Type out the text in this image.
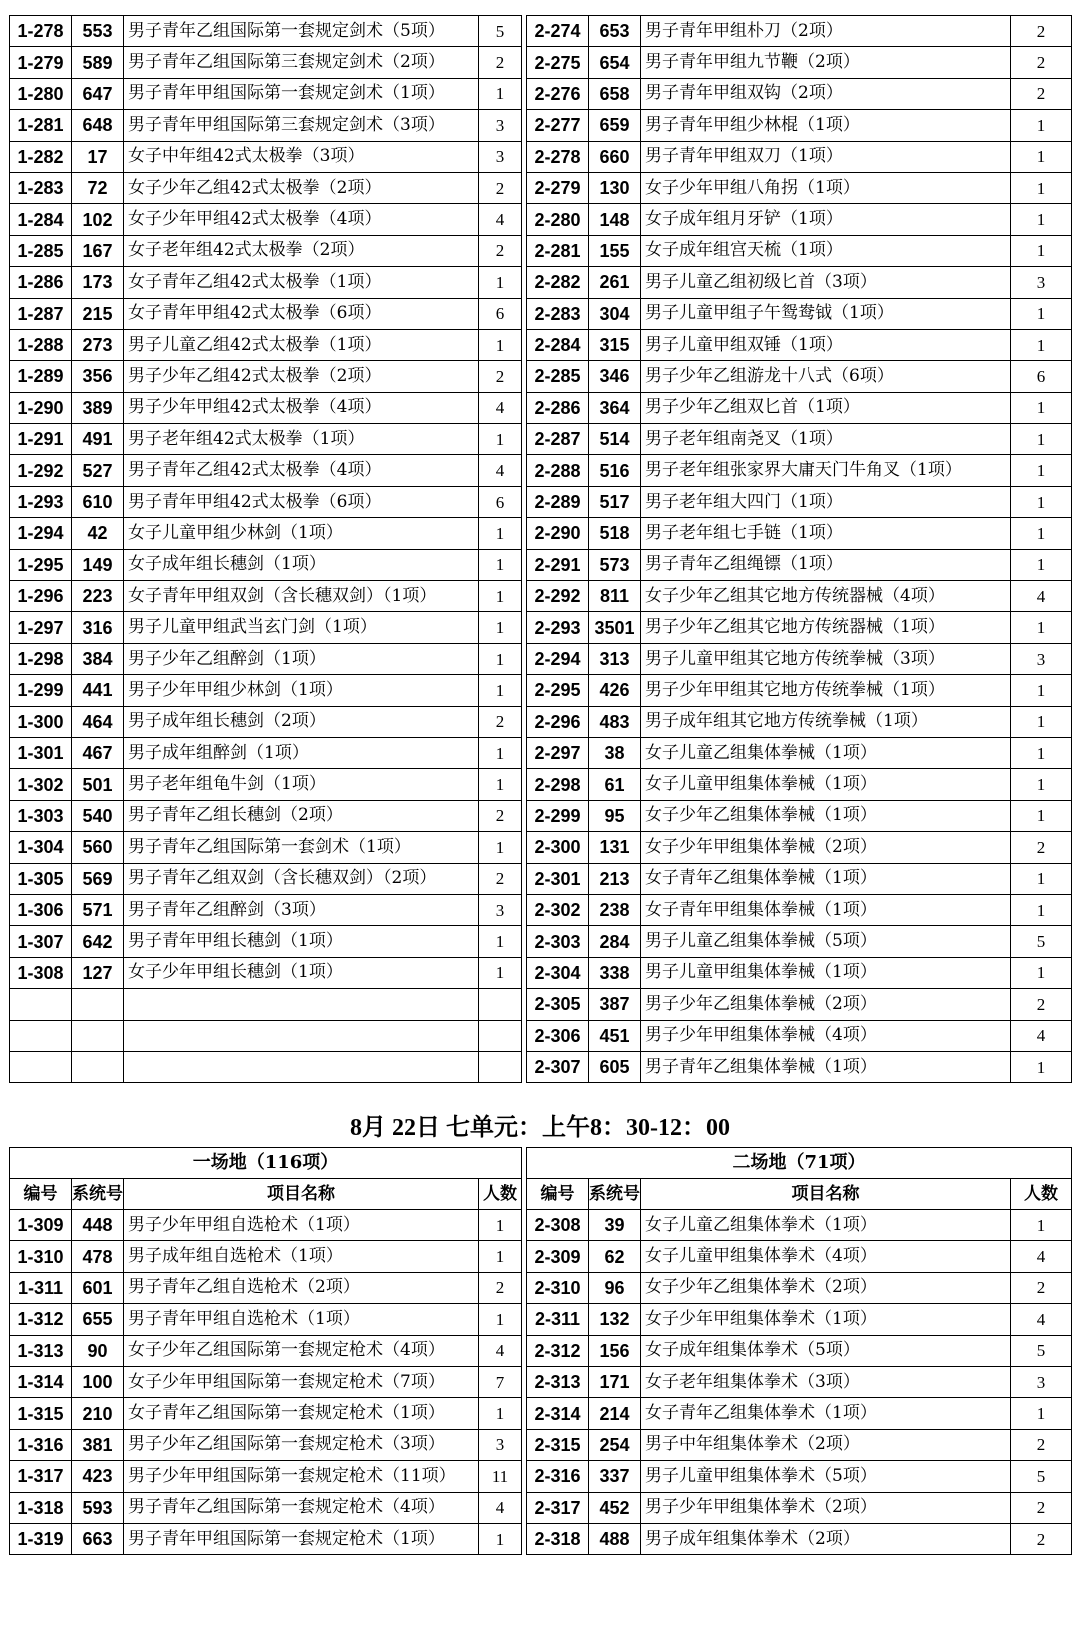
1-278	553	男子青年乙组国际第一套规定剑术（5项）	5		2-274	653	男子青年甲组朴刀（2项）	2
1-279	589	男子青年乙组国际第三套规定剑术（2项）	2		2-275	654	男子青年甲组九节鞭（2项）	2
1-280	647	男子青年甲组国际第一套规定剑术（1项）	1		2-276	658	男子青年甲组双钩（2项）	2
1-281	648	男子青年甲组国际第三套规定剑术（3项）	3		2-277	659	男子青年甲组少林棍（1项）	1
1-282	17	女子中年组42式太极拳（3项）	3		2-278	660	男子青年甲组双刀（1项）	1
1-283	72	女子少年乙组42式太极拳（2项）	2		2-279	130	女子少年甲组八角拐（1项）	1
1-284	102	女子少年甲组42式太极拳（4项）	4		2-280	148	女子成年组月牙铲（1项）	1
1-285	167	女子老年组42式太极拳（2项）	2		2-281	155	女子成年组宫天梳（1项）	1
1-286	173	女子青年乙组42式太极拳（1项）	1		2-282	261	男子儿童乙组初级匕首（3项）	3
1-287	215	女子青年甲组42式太极拳（6项）	6		2-283	304	男子儿童甲组子午鸳鸯钺（1项）	1
1-288	273	男子儿童乙组42式太极拳（1项）	1		2-284	315	男子儿童甲组双锤（1项）	1
1-289	356	男子少年乙组42式太极拳（2项）	2		2-285	346	男子少年乙组游龙十八式（6项）	6
1-290	389	男子少年甲组42式太极拳（4项）	4		2-286	364	男子少年乙组双匕首（1项）	1
1-291	491	男子老年组42式太极拳（1项）	1		2-287	514	男子老年组南尧叉（1项）	1
1-292	527	男子青年乙组42式太极拳（4项）	4		2-288	516	男子老年组张家界大庸天门牛角叉（1项）	1
1-293	610	男子青年甲组42式太极拳（6项）	6		2-289	517	男子老年组大四门（1项）	1
1-294	42	女子儿童甲组少林剑（1项）	1		2-290	518	男子老年组七手链（1项）	1
1-295	149	女子成年组长穗剑（1项）	1		2-291	573	男子青年乙组绳镖（1项）	1
1-296	223	女子青年甲组双剑（含长穗双剑）（1项）	1		2-292	811	女子少年乙组其它地方传统器械（4项）	4
1-297	316	男子儿童甲组武当玄门剑（1项）	1		2-293	3501	男子少年乙组其它地方传统器械（1项）	1
1-298	384	男子少年乙组醉剑（1项）	1		2-294	313	男子儿童甲组其它地方传统拳械（3项）	3
1-299	441	男子少年甲组少林剑（1项）	1		2-295	426	男子少年甲组其它地方传统拳械（1项）	1
1-300	464	男子成年组长穗剑（2项）	2		2-296	483	男子成年组其它地方传统拳械（1项）	1
1-301	467	男子成年组醉剑（1项）	1		2-297	38	女子儿童乙组集体拳械（1项）	1
1-302	501	男子老年组龟牛剑（1项）	1		2-298	61	女子儿童甲组集体拳械（1项）	1
1-303	540	男子青年乙组长穗剑（2项）	2		2-299	95	女子少年乙组集体拳械（1项）	1
1-304	560	男子青年乙组国际第一套剑术（1项）	1		2-300	131	女子少年甲组集体拳械（2项）	2
1-305	569	男子青年乙组双剑（含长穗双剑）（2项）	2		2-301	213	女子青年乙组集体拳械（1项）	1
1-306	571	男子青年乙组醉剑（3项）	3		2-302	238	女子青年甲组集体拳械（1项）	1
1-307	642	男子青年甲组长穗剑（1项）	1		2-303	284	男子儿童乙组集体拳械（5项）	5
1-308	127	女子少年甲组长穗剑（1项）	1		2-304	338	男子儿童甲组集体拳械（1项）	1
					2-305	387	男子少年乙组集体拳械（2项）	2
					2-306	451	男子少年甲组集体拳械（4项）	4
					2-307	605	男子青年乙组集体拳械（1项）	1
8月 22日 七单元：上午8：30-12：00
一场地（116项）					二场地（71项）			
编号	系统号	项目名称	人数		编号	系统号	项目名称	人数
1-309	448	男子少年甲组自选枪术（1项）	1		2-308	39	女子儿童乙组集体拳术（1项）	1
1-310	478	男子成年组自选枪术（1项）	1		2-309	62	女子儿童甲组集体拳术（4项）	4
1-311	601	男子青年乙组自选枪术（2项）	2		2-310	96	女子少年乙组集体拳术（2项）	2
1-312	655	男子青年甲组自选枪术（1项）	1		2-311	132	女子少年甲组集体拳术（1项）	4
1-313	90	女子少年乙组国际第一套规定枪术（4项）	4		2-312	156	女子成年组集体拳术（5项）	5
1-314	100	女子少年甲组国际第一套规定枪术（7项）	7		2-313	171	女子老年组集体拳术（3项）	3
1-315	210	女子青年乙组国际第一套规定枪术（1项）	1		2-314	214	女子青年乙组集体拳术（1项）	1
1-316	381	男子少年乙组国际第一套规定枪术（3项）	3		2-315	254	男子中年组集体拳术（2项）	2
1-317	423	男子少年甲组国际第一套规定枪术（11项）	11		2-316	337	男子儿童甲组集体拳术（5项）	5
1-318	593	男子青年乙组国际第一套规定枪术（4项）	4		2-317	452	男子少年甲组集体拳术（2项）	2
1-319	663	男子青年甲组国际第一套规定枪术（1项）	1		2-318	488	男子成年组集体拳术（2项）	2
